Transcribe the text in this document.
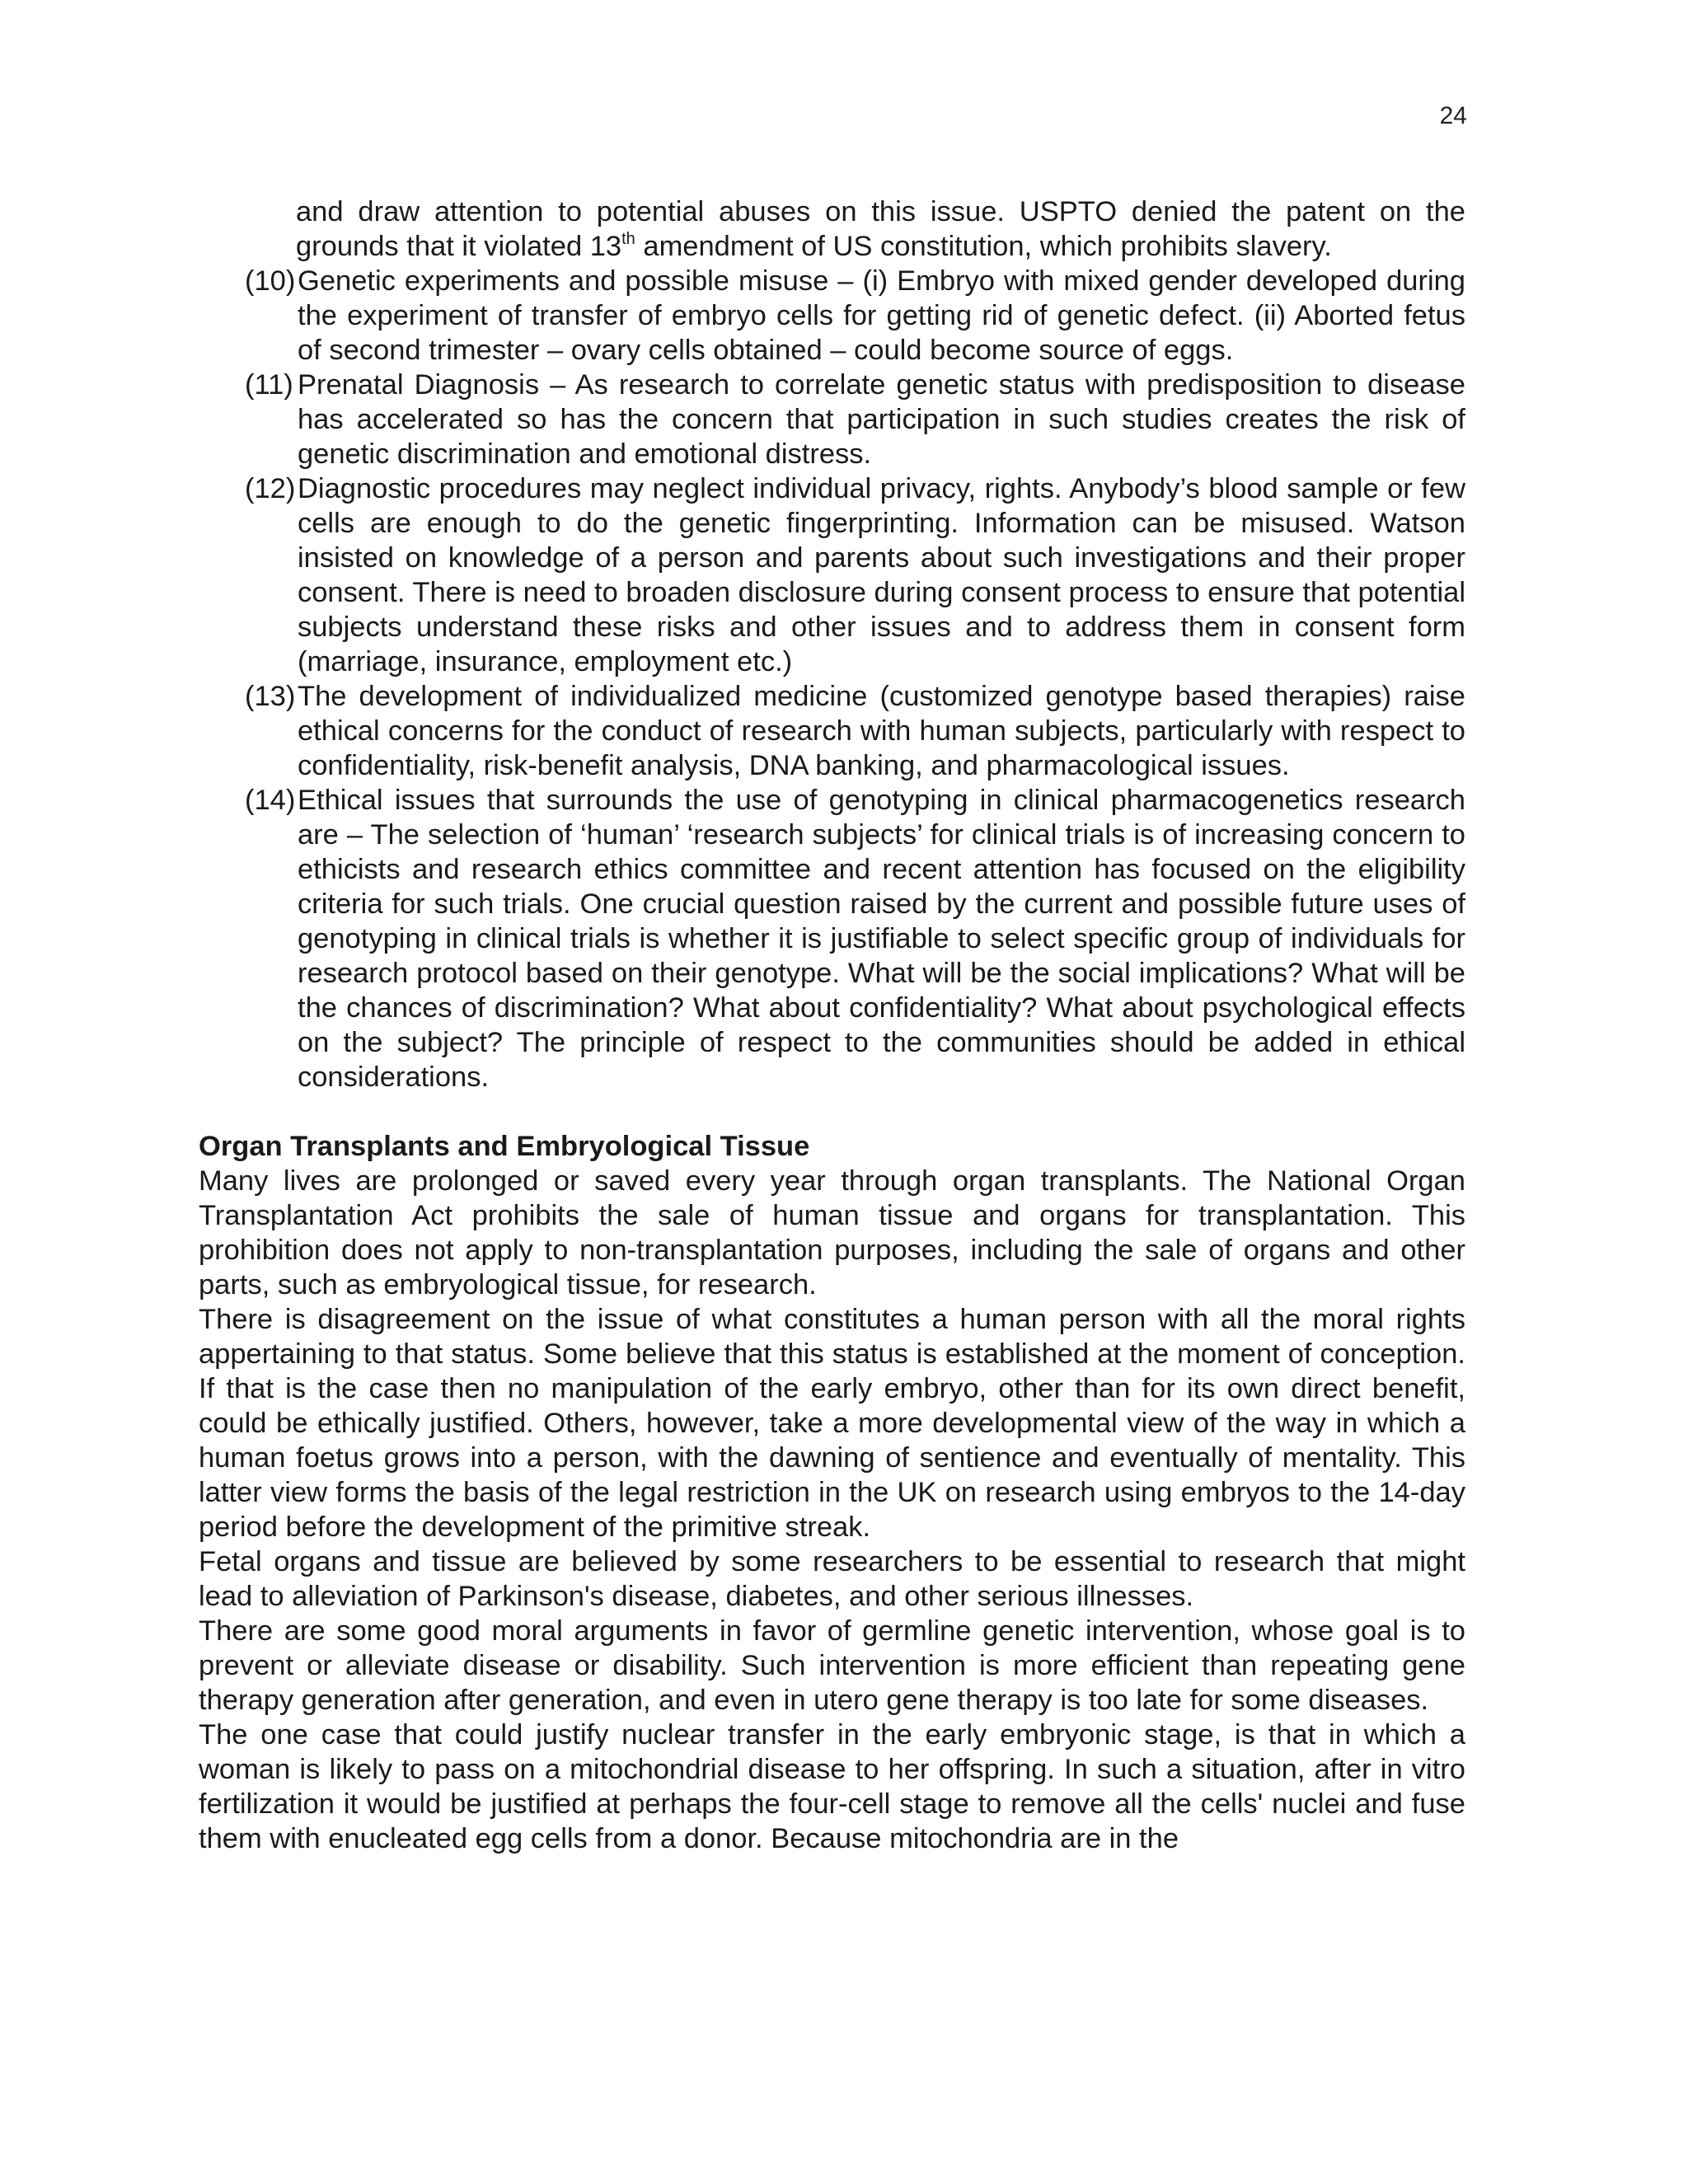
24
and draw attention to potential abuses on this issue. USPTO denied the patent on the grounds that it violated 13th amendment of US constitution, which prohibits slavery.
(10) Genetic experiments and possible misuse – (i) Embryo with mixed gender developed during the experiment of transfer of embryo cells for getting rid of genetic defect. (ii) Aborted fetus of second trimester – ovary cells obtained – could become source of eggs.
(11) Prenatal Diagnosis – As research to correlate genetic status with predisposition to disease has accelerated so has the concern that participation in such studies creates the risk of genetic discrimination and emotional distress.
(12) Diagnostic procedures may neglect individual privacy, rights. Anybody’s blood sample or few cells are enough to do the genetic fingerprinting. Information can be misused. Watson insisted on knowledge of a person and parents about such investigations and their proper consent. There is need to broaden disclosure during consent process to ensure that potential subjects understand these risks and other issues and to address them in consent form (marriage, insurance, employment etc.)
(13) The development of individualized medicine (customized genotype based therapies) raise ethical concerns for the conduct of research with human subjects, particularly with respect to confidentiality, risk-benefit analysis, DNA banking, and pharmacological issues.
(14) Ethical issues that surrounds the use of genotyping in clinical pharmacogenetics research are – The selection of ‘human’ ‘research subjects’ for clinical trials is of increasing concern to ethicists and research ethics committee and recent attention has focused on the eligibility criteria for such trials. One crucial question raised by the current and possible future uses of genotyping in clinical trials is whether it is justifiable to select specific group of individuals for research protocol based on their genotype. What will be the social implications? What will be the chances of discrimination? What about confidentiality? What about psychological effects on the subject? The principle of respect to the communities should be added in ethical considerations.
Organ Transplants and Embryological Tissue
Many lives are prolonged or saved every year through organ transplants. The National Organ Transplantation Act prohibits the sale of human tissue and organs for transplantation. This prohibition does not apply to non-transplantation purposes, including the sale of organs and other parts, such as embryological tissue, for research.
There is disagreement on the issue of what constitutes a human person with all the moral rights appertaining to that status. Some believe that this status is established at the moment of conception. If that is the case then no manipulation of the early embryo, other than for its own direct benefit, could be ethically justified. Others, however, take a more developmental view of the way in which a human foetus grows into a person, with the dawning of sentience and eventually of mentality. This latter view forms the basis of the legal restriction in the UK on research using embryos to the 14-day period before the development of the primitive streak.
Fetal organs and tissue are believed by some researchers to be essential to research that might lead to alleviation of Parkinson's disease, diabetes, and other serious illnesses.
There are some good moral arguments in favor of germline genetic intervention, whose goal is to prevent or alleviate disease or disability. Such intervention is more efficient than repeating gene therapy generation after generation, and even in utero gene therapy is too late for some diseases.
The one case that could justify nuclear transfer in the early embryonic stage, is that in which a woman is likely to pass on a mitochondrial disease to her offspring. In such a situation, after in vitro fertilization it would be justified at perhaps the four-cell stage to remove all the cells' nuclei and fuse them with enucleated egg cells from a donor. Because mitochondria are in the
